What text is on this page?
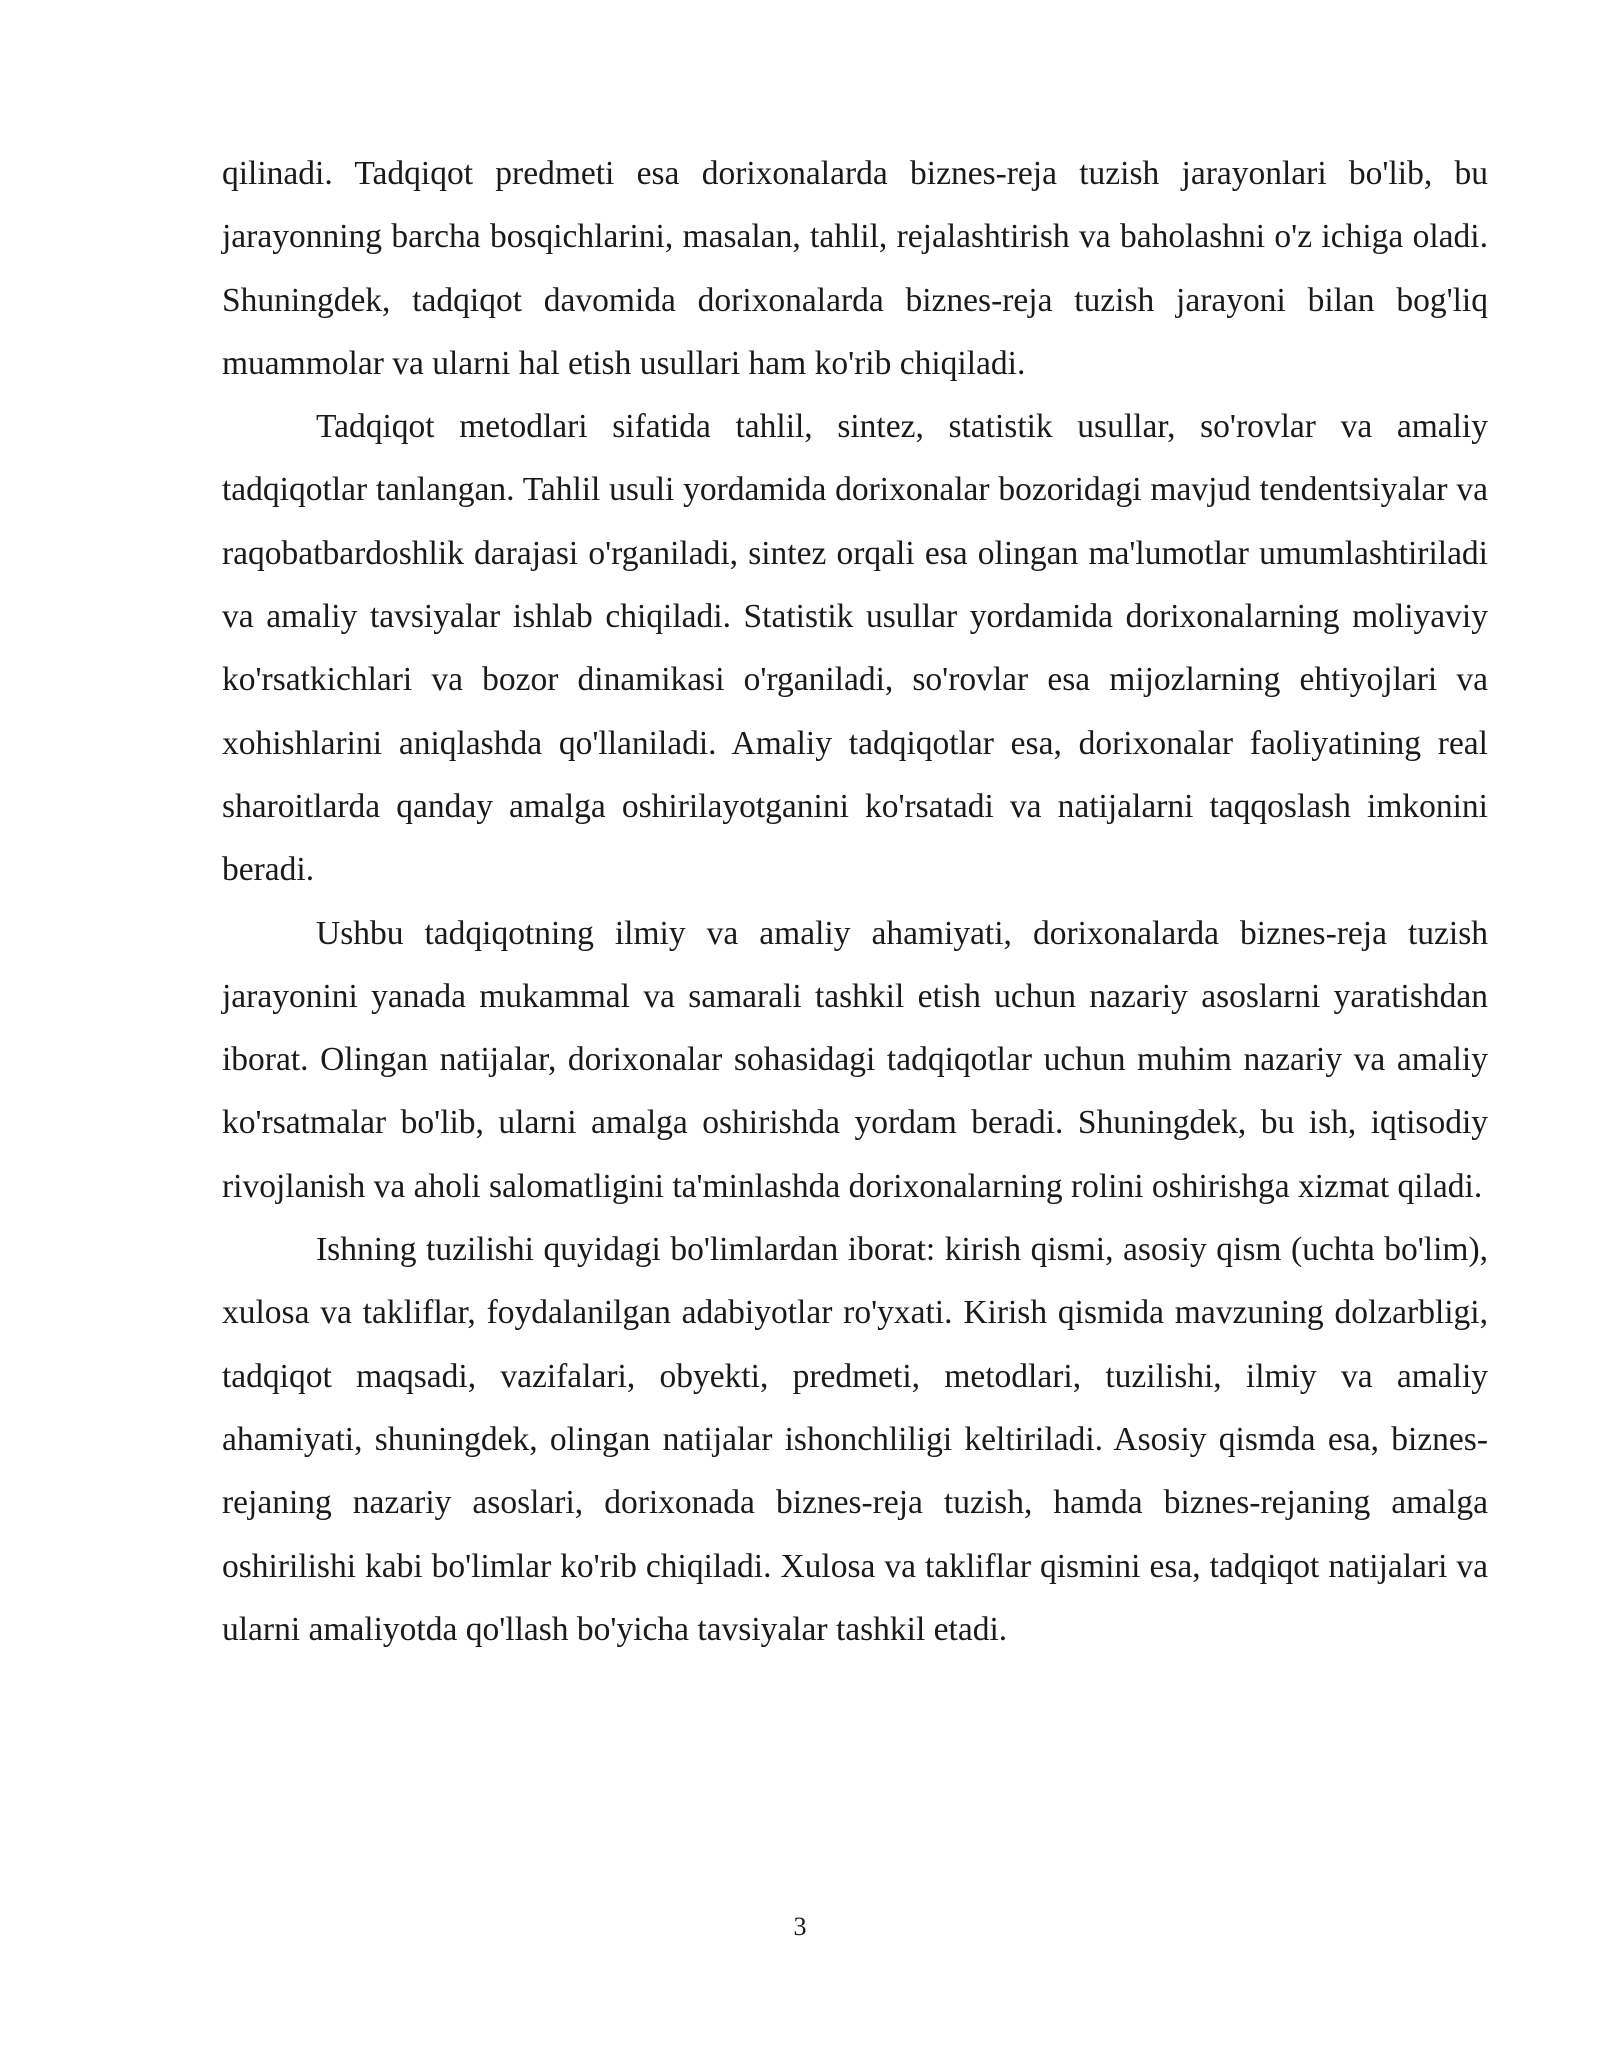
qilinadi. Tadqiqot predmeti esa dorixonalarda biznes-reja tuzish jarayonlari bo'lib, bu jarayonning barcha bosqichlarini, masalan, tahlil, rejalashtirish va baholashni o'z ichiga oladi. Shuningdek, tadqiqot davomida dorixonalarda biznes-reja tuzish jarayoni bilan bog'liq muammolar va ularni hal etish usullari ham ko'rib chiqiladi.

Tadqiqot metodlari sifatida tahlil, sintez, statistik usullar, so'rovlar va amaliy tadqiqotlar tanlangan. Tahlil usuli yordamida dorixonalar bozoridagi mavjud tendentsiyalar va raqobatbardoshlik darajasi o'rganiladi, sintez orqali esa olingan ma'lumotlar umumlashtiriladi va amaliy tavsiyalar ishlab chiqiladi. Statistik usullar yordamida dorixonalarning moliyaviy ko'rsatkichlari va bozor dinamikasi o'rganiladi, so'rovlar esa mijozlarning ehtiyojlari va xohishlarini aniqlashda qo'llaniladi. Amaliy tadqiqotlar esa, dorixonalar faoliyatining real sharoitlarda qanday amalga oshirilayotganini ko'rsatadi va natijalarni taqqoslash imkonini beradi.

Ushbu tadqiqotning ilmiy va amaliy ahamiyati, dorixonalarda biznes-reja tuzish jarayonini yanada mukammal va samarali tashkil etish uchun nazariy asoslarni yaratishdan iborat. Olingan natijalar, dorixonalar sohasidagi tadqiqotlar uchun muhim nazariy va amaliy ko'rsatmalar bo'lib, ularni amalga oshirishda yordam beradi. Shuningdek, bu ish, iqtisodiy rivojlanish va aholi salomatligini ta'minlashda dorixonalarning rolini oshirishga xizmat qiladi.

Ishning tuzilishi quyidagi bo'limlardan iborat: kirish qismi, asosiy qism (uchta bo'lim), xulosa va takliflar, foydalanilgan adabiyotlar ro'yxati. Kirish qismida mavzuning dolzarbligi, tadqiqot maqsadi, vazifalari, obyekti, predmeti, metodlari, tuzilishi, ilmiy va amaliy ahamiyati, shuningdek, olingan natijalar ishonchliligi keltiriladi. Asosiy qismda esa, biznes-rejaning nazariy asoslari, dorixonada biznes-reja tuzish, hamda biznes-rejaning amalga oshirilishi kabi bo'limlar ko'rib chiqiladi. Xulosa va takliflar qismini esa, tadqiqot natijalari va ularni amaliyotda qo'llash bo'yicha tavsiyalar tashkil etadi.

3
